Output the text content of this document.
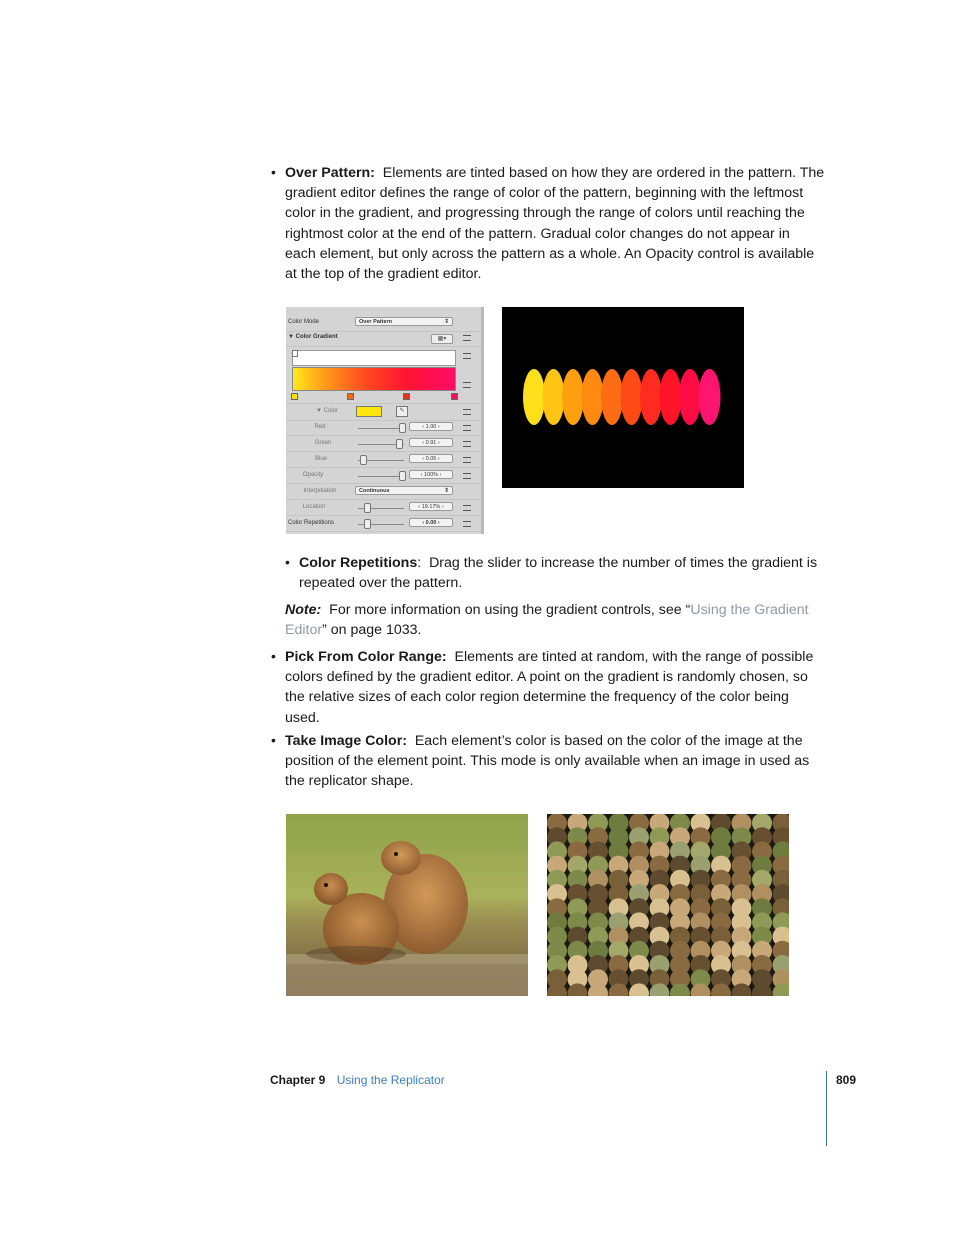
• Over Pattern: Elements are tinted based on how they are ordered in the pattern. The
gradient editor defines the range of color of the pattern, beginning with the leftmost
color in the gradient, and progressing through the range of colors until reaching the
rightmost color at the end of the pattern. Gradual color changes do not appear in
each element, but only across the pattern as a whole. An Opacity control is available
at the top of the gradient editor.
Color Mode	Over Pattern	⇕
▼ Color Gradient	▦▾
▼ Color	✎
Red	‹ 1.00 ›
Green	‹ 0.91 ›
Blue	‹ 0.05 ›
Opacity	‹ 100% ›
Interpolation	Continuous	⇕
Location	‹ 19.17% ›
Color Repetitions	‹ 0.00 ›
• Color Repetitions:  Drag the slider to increase the number of times the gradient is
repeated over the pattern.
Note: For more information on using the gradient controls, see “Using the Gradient
Editor” on page 1033.
• Pick From Color Range: Elements are tinted at random, with the range of possible
colors defined by the gradient editor. A point on the gradient is randomly chosen, so
the relative sizes of each color region determine the frequency of the color being
used.
• Take Image Color: Each element’s color is based on the color of the image at the
position of the element point. This mode is only available when an image in used as
the replicator shape.
Chapter 9 Using the Replicator	809
